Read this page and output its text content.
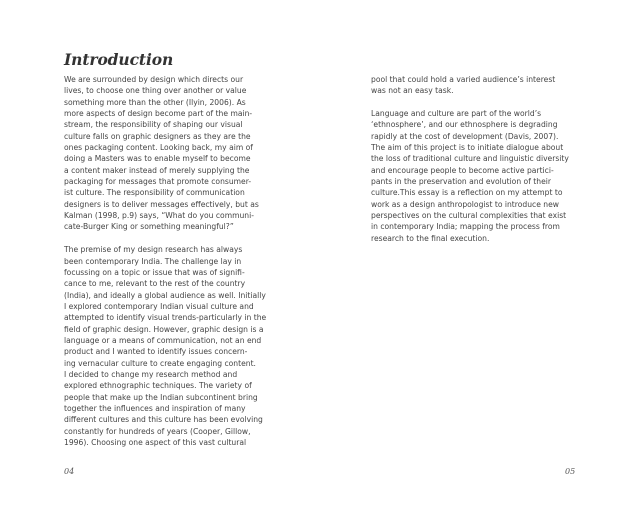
Introduction
We are surrounded by design which directs our
lives, to choose one thing over another or value
something more than the other (Ilyin, 2006). As
more aspects of design become part of the main-
stream, the responsibility of shaping our visual
culture falls on graphic designers as they are the
ones packaging content. Looking back, my aim of
doing a Masters was to enable myself to become
a content maker instead of merely supplying the
packaging for messages that promote consumer-
ist culture. The responsibility of communication
designers is to deliver messages effectively, but as
Kalman (1998, p.9) says, “What do you communi-
cate-Burger King or something meaningful?”
The premise of my design research has always
been contemporary India. The challenge lay in
focussing on a topic or issue that was of signifi-
cance to me, relevant to the rest of the country
(India), and ideally a global audience as well. Initially
I explored contemporary Indian visual culture and
attempted to identify visual trends-particularly in the
field of graphic design. However, graphic design is a
language or a means of communication, not an end
product and I wanted to identify issues concern-
ing vernacular culture to create engaging content.
I decided to change my research method and
explored ethnographic techniques. The variety of
people that make up the Indian subcontinent bring
together the influences and inspiration of many
different cultures and this culture has been evolving
constantly for hundreds of years (Cooper, Gillow,
1996). Choosing one aspect of this vast cultural
pool that could hold a varied audience’s interest
was not an easy task.
Language and culture are part of the world’s
‘ethnosphere’, and our ethnosphere is degrading
rapidly at the cost of development (Davis, 2007).
The aim of this project is to initiate dialogue about
the loss of traditional culture and linguistic diversity
and encourage people to become active partici-
pants in the preservation and evolution of their
culture.This essay is a reflection on my attempt to
work as a design anthropologist to introduce new
perspectives on the cultural complexities that exist
in contemporary India; mapping the process from
research to the final execution.
04	05
